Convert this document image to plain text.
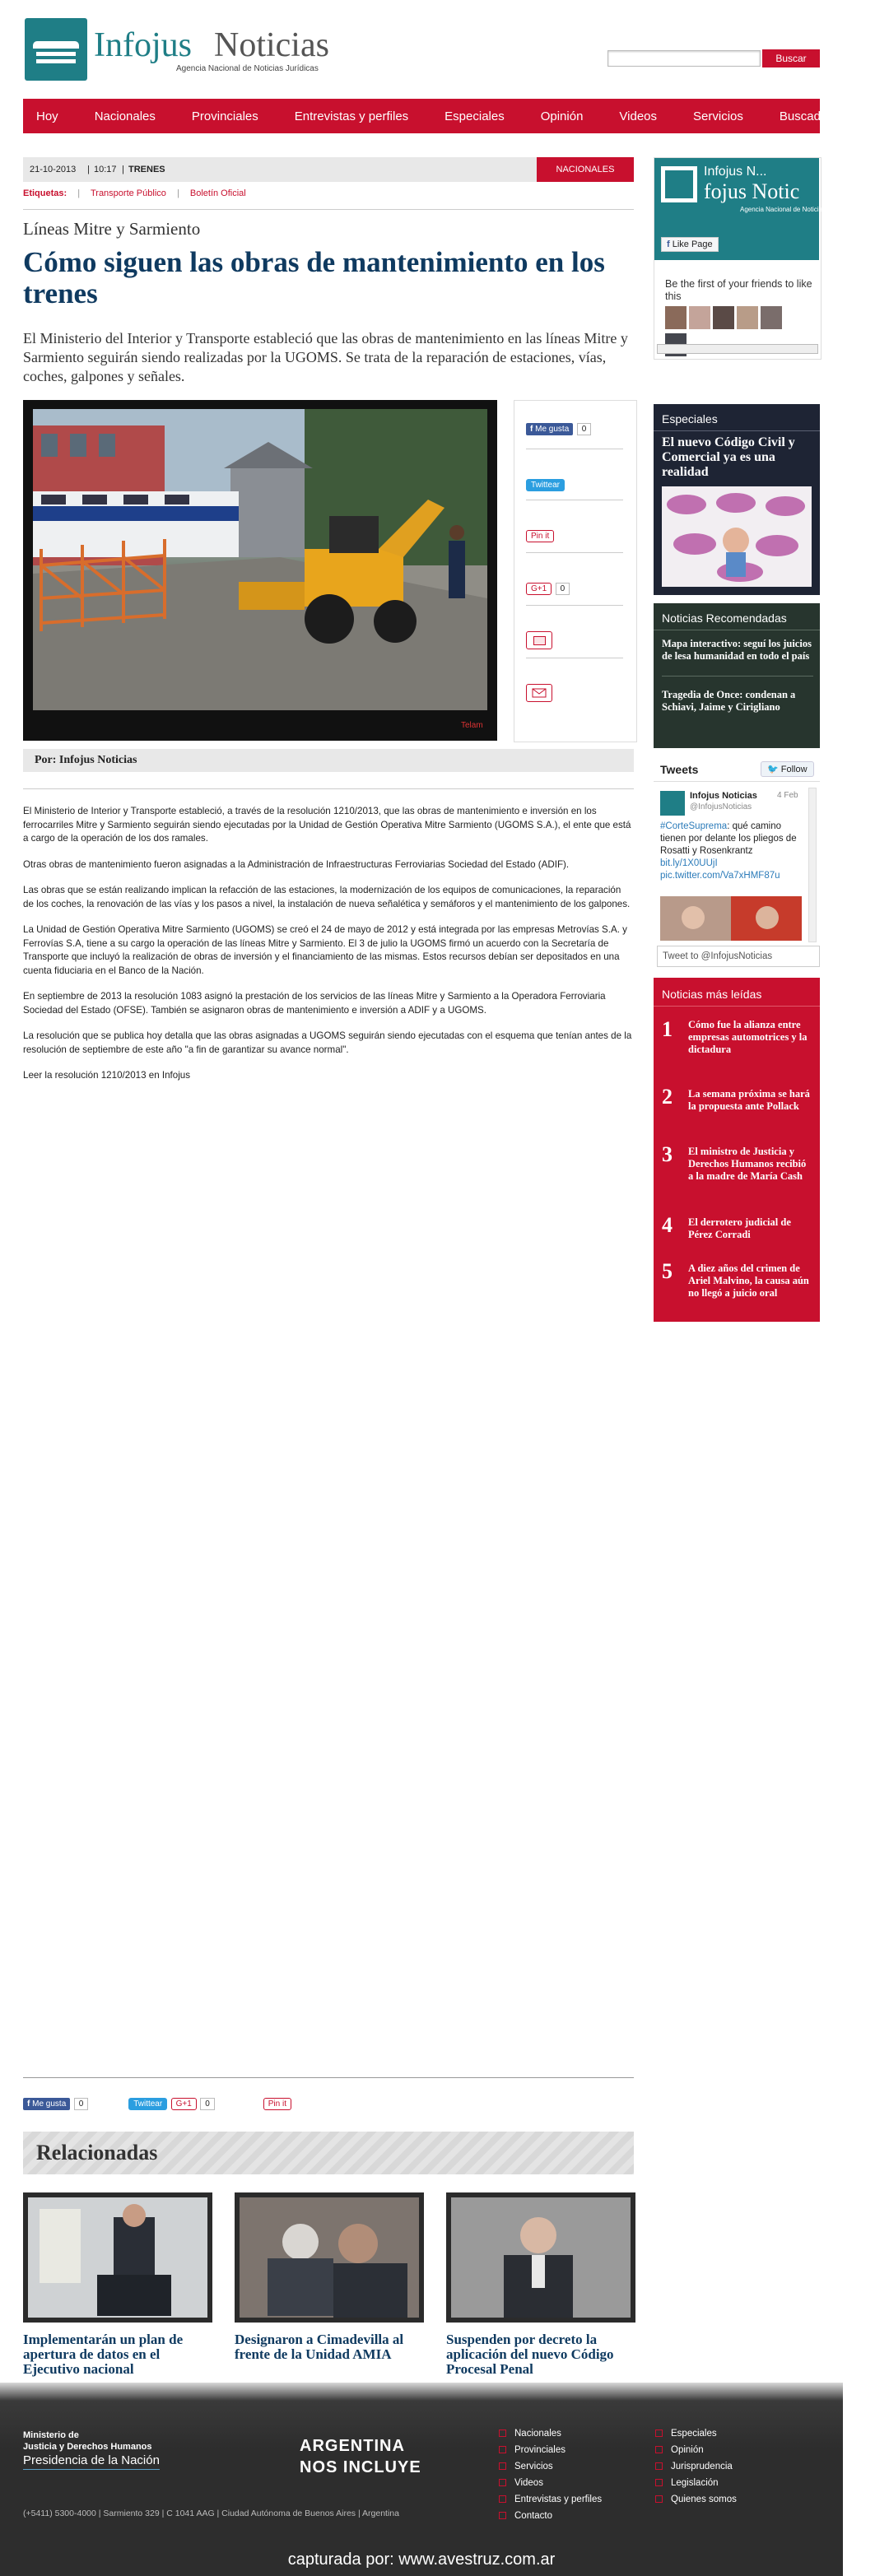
Infojus Noticias
Agencia Nacional de Noticias Jurídicas
Buscar
Hoy	Nacionales	Provinciales	Entrevistas y perfiles	Especiales	Opinión	Videos	Servicios	Buscador Avanzado
21-10-2013 | 10:17 | TRENES	NACIONALES
Etiquetas: | Transporte Público | Boletín Oficial
Líneas Mitre y Sarmiento
Cómo siguen las obras de mantenimiento en los trenes
El Ministerio del Interior y Transporte estableció que las obras de mantenimiento en las líneas Mitre y Sarmiento seguirán siendo realizadas por la UGOMS. Se trata de la reparación de estaciones, vías, coches, galpones y señales.
Telam
f Me gusta 0
Twittear
Pin it
G+1 0
Por: Infojus Noticias

El Ministerio de Interior y Transporte estableció, a través de la resolución 1210/2013, que las obras de mantenimiento e inversión en los ferrocarriles Mitre y Sarmiento seguirán siendo ejecutadas por la Unidad de Gestión Operativa Mitre Sarmiento (UGOMS S.A.), el ente que está a cargo de la operación de los dos ramales.

Otras obras de mantenimiento fueron asignadas a la Administración de Infraestructuras Ferroviarias Sociedad del Estado (ADIF).

Las obras que se están realizando implican la refacción de las estaciones, la modernización de los equipos de comunicaciones, la reparación de los coches, la renovación de las vías y los pasos a nivel, la instalación de nueva señalética y semáforos y el mantenimiento de los galpones.

La Unidad de Gestión Operativa Mitre Sarmiento (UGOMS) se creó el 24 de mayo de 2012 y está integrada por las empresas Metrovías S.A. y Ferrovías S.A, tiene a su cargo la operación de las líneas Mitre y Sarmiento. El 3 de julio la UGOMS firmó un acuerdo con la Secretaría de Transporte que incluyó la realización de obras de inversión y el financiamiento de las mismas. Estos recursos debían ser depositados en una cuenta fiduciaria en el Banco de la Nación.

En septiembre de 2013 la resolución 1083 asignó la prestación de los servicios de las líneas Mitre y Sarmiento a la Operadora Ferroviaria Sociedad del Estado (OFSE). También se asignaron obras de mantenimiento e inversión a ADIF y a UGOMS.

La resolución que se publica hoy detalla que las obras asignadas a UGOMS seguirán siendo ejecutadas con el esquema que tenían antes de la resolución de septiembre de este año "a fin de garantizar su avance normal".

Leer la resolución 1210/2013 en Infojus

f Me gusta 0	Twittear G+1 0	Pin it
Relacionadas
Implementarán un plan de apertura de datos en el Ejecutivo nacional
Designaron a Cimadevilla al frente de la Unidad AMIA
Suspenden por decreto la aplicación del nuevo Código Procesal Penal
Infojus N...
fojus Notic
Agencia Nacional de Noticias
f Like Page
Be the first of your friends to like this
Especiales
El nuevo Código Civil y Comercial ya es una realidad
Noticias Recomendadas
Mapa interactivo: seguí los juicios de lesa humanidad en todo el país
Tragedia de Once: condenan a Schiavi, Jaime y Cirigliano
Tweets	🐦 Follow
Infojus Noticias 4 Feb
@InfojusNoticias
#CorteSuprema: qué camino tienen por delante los pliegos de Rosatti y Rosenkrantz bit.ly/1X0UUjI pic.twitter.com/Va7xHMF87u
Tweet to @InfojusNoticias
Noticias más leídas
1 Cómo fue la alianza entre empresas automotrices y la dictadura
2 La semana próxima se hará la propuesta ante Pollack
3 El ministro de Justicia y Derechos Humanos recibió a la madre de María Cash
4 El derrotero judicial de Pérez Corradi
5 A diez años del crimen de Ariel Malvino, la causa aún no llegó a juicio oral
Ministerio de
Justicia y Derechos Humanos
Presidencia de la Nación
ARGENTINA
NOS INCLUYE
(+5411) 5300-4000 | Sarmiento 329 | C 1041 AAG | Ciudad Autónoma de Buenos Aires | Argentina
Nacionales
Provinciales
Servicios
Videos
Entrevistas y perfiles
Contacto
Especiales
Opinión
Jurisprudencia
Legislación
Quienes somos
capturada por: www.avestruz.com.ar
